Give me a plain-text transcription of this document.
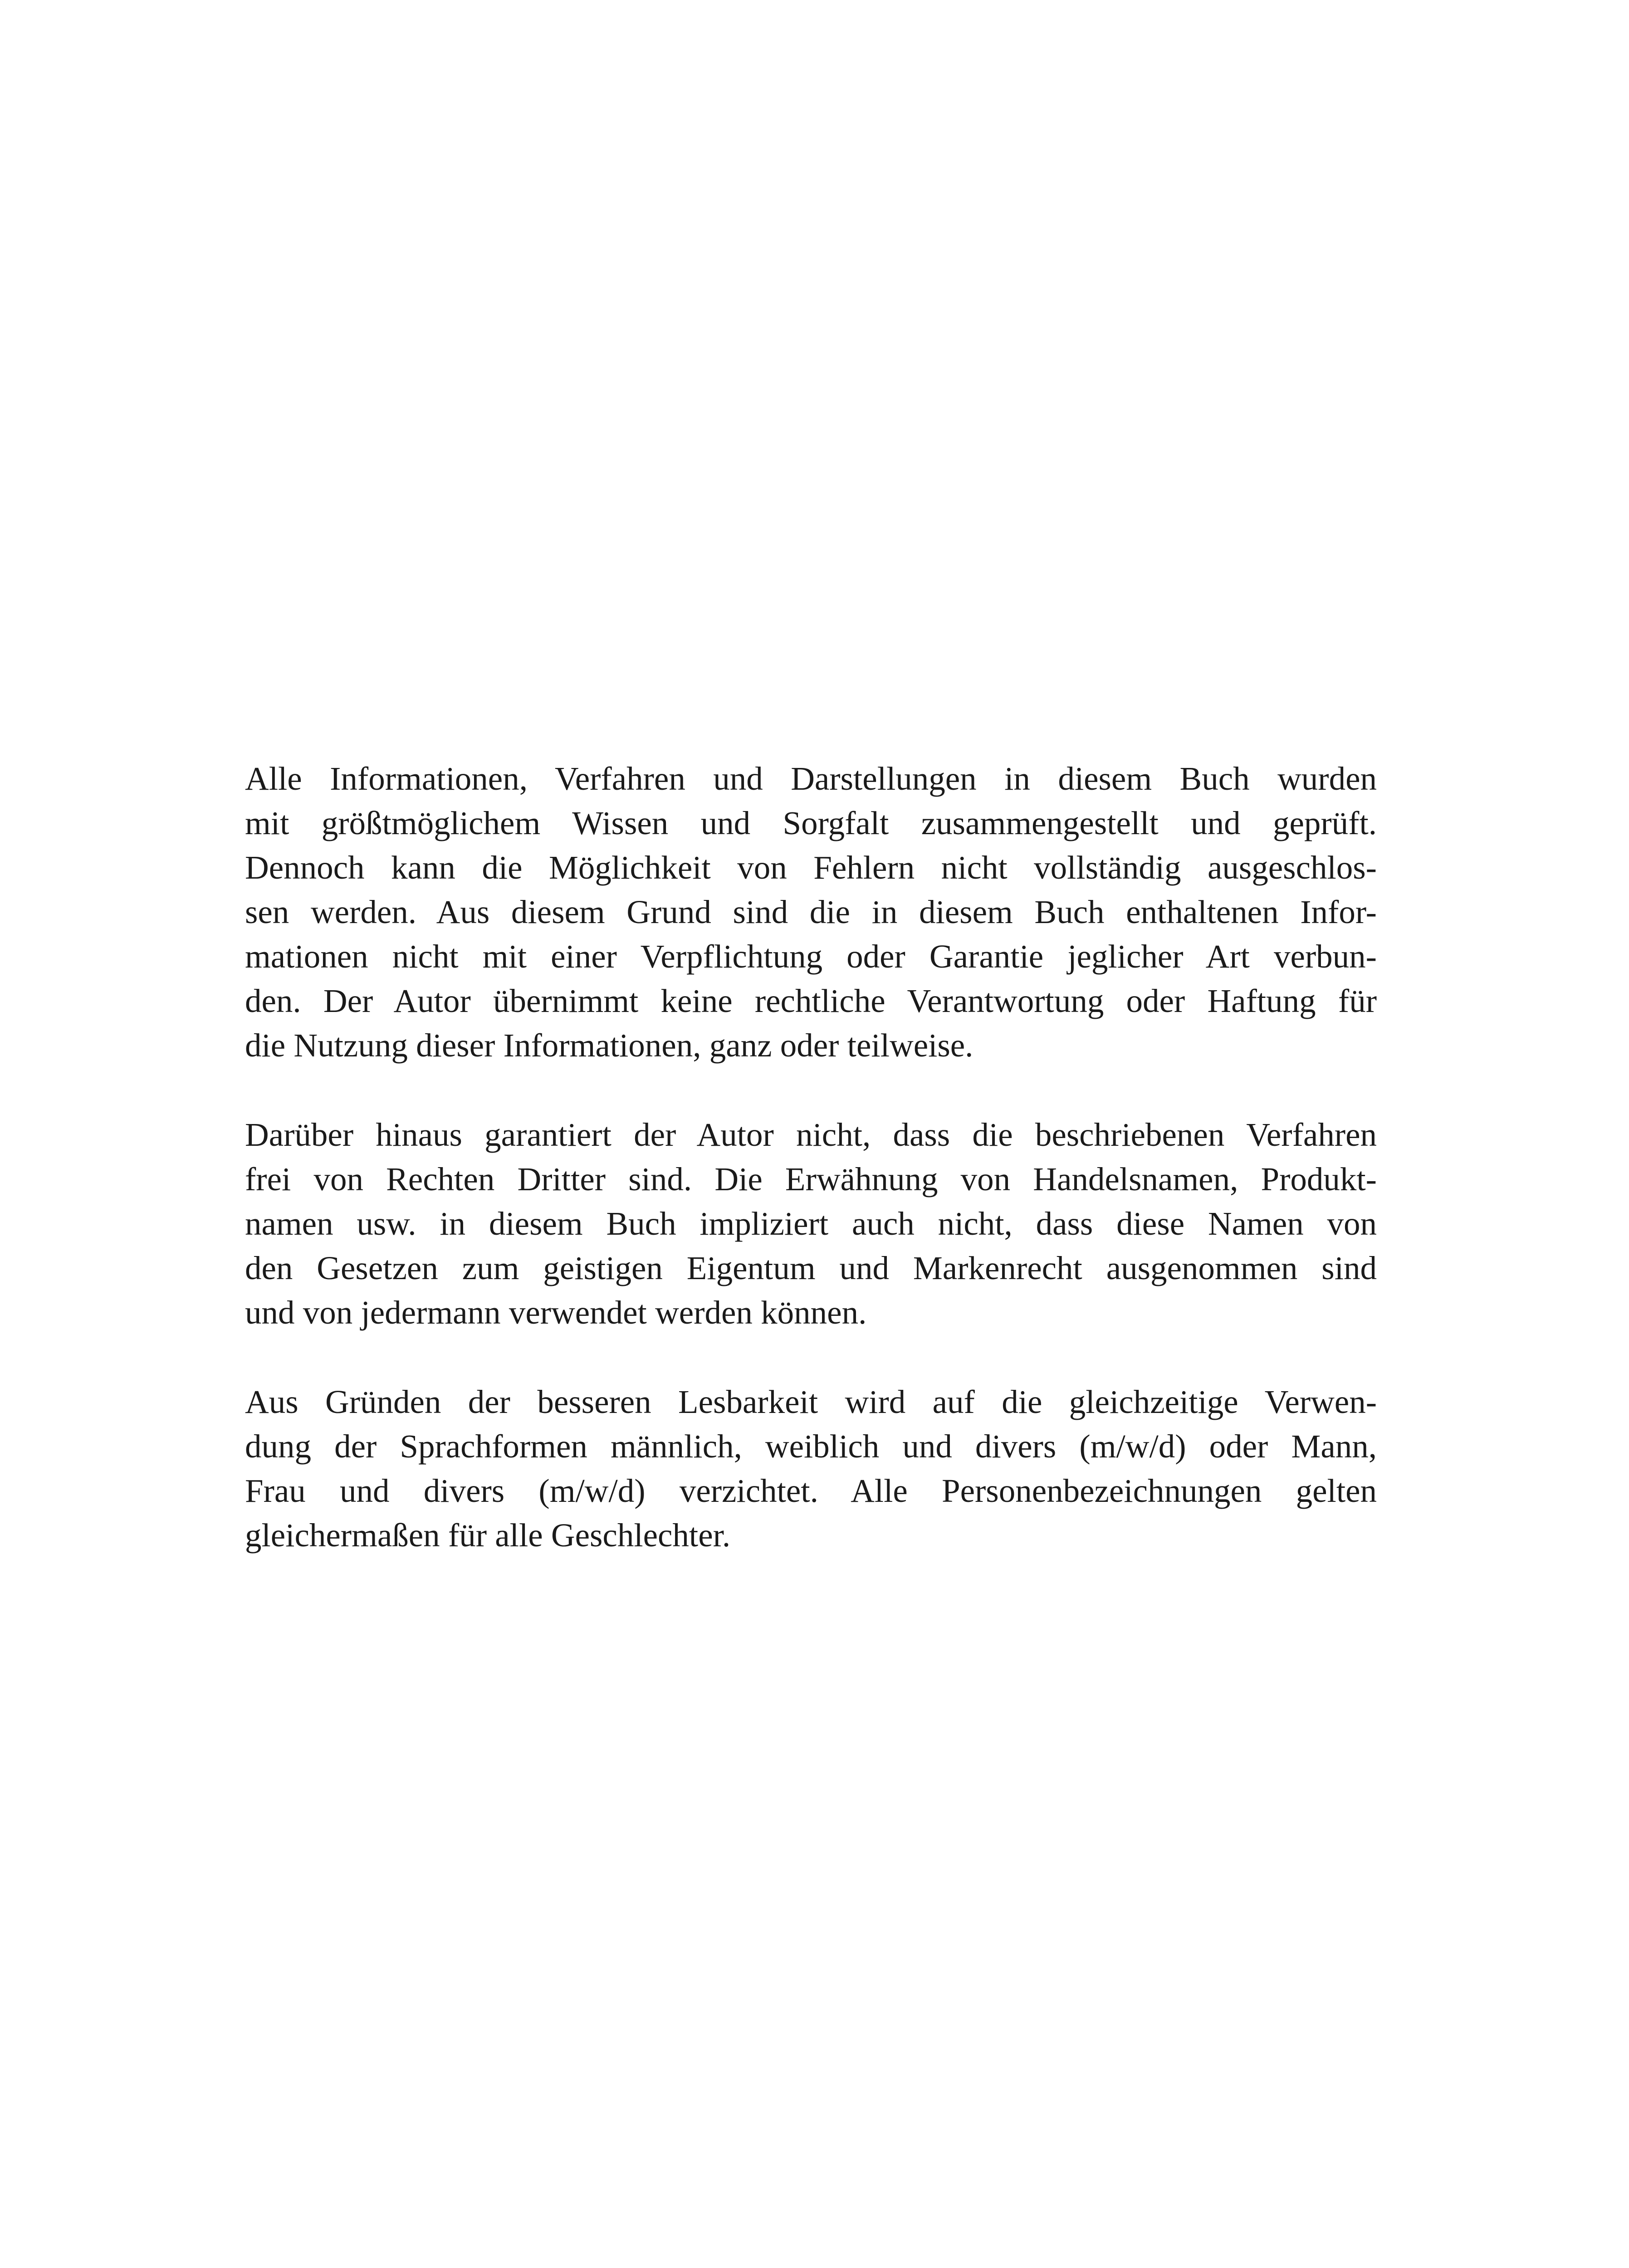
Alle Informationen, Verfahren und Darstellungen in diesem Buch wurden
mit größtmöglichem Wissen und Sorgfalt zusammengestellt und geprüft.
Dennoch kann die Möglichkeit von Fehlern nicht vollständig ausgeschlos-
sen werden. Aus diesem Grund sind die in diesem Buch enthaltenen Infor-
mationen nicht mit einer Verpflichtung oder Garantie jeglicher Art verbun-
den. Der Autor übernimmt keine rechtliche Verantwortung oder Haftung für
die Nutzung dieser Informationen, ganz oder teilweise.

Darüber hinaus garantiert der Autor nicht, dass die beschriebenen Verfahren
frei von Rechten Dritter sind. Die Erwähnung von Handelsnamen, Produkt-
namen usw. in diesem Buch impliziert auch nicht, dass diese Namen von
den Gesetzen zum geistigen Eigentum und Markenrecht ausgenommen sind
und von jedermann verwendet werden können.

Aus Gründen der besseren Lesbarkeit wird auf die gleichzeitige Verwen-
dung der Sprachformen männlich, weiblich und divers (m/w/d) oder Mann,
Frau und divers (m/w/d) verzichtet. Alle Personenbezeichnungen gelten
gleichermaßen für alle Geschlechter.
